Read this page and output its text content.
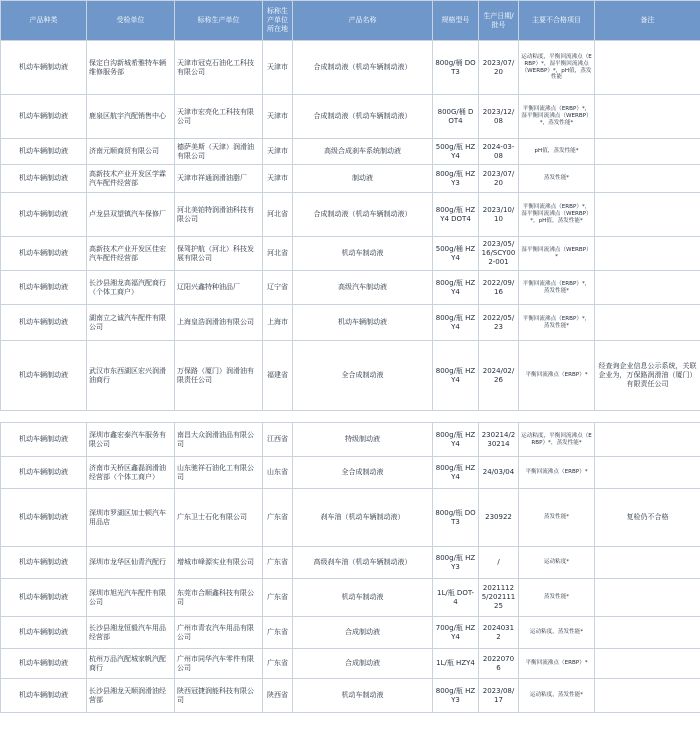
产品种类	受检单位	标称生产单位	标称生产单位所在地	产品名称	规格型号	生产日期/批号	主要不合格项目	备注
机动车辆制动液	保定白沟新城希雅特车辆维修服务部	天津市冠克石油化工科技有限公司	天津市	合成制动液（机动车辆制动液）	800g/桶 DOT3	2023/07/20	运动粘度，平衡回流沸点（ERBP）*，湿平衡回流沸点（WERBP）*，pH值，蒸发性能	
机动车辆制动液	鹿泉区航宇汽配销售中心	天津市宏亮化工科技有限公司	天津市	合成制动液（机动车辆制动液）	800G/桶 DOT4	2023/12/08	平衡回流沸点（ERBP）*，湿平衡回流沸点（WERBP）*，蒸发性能*	
机动车辆制动液	济南元顺商贸有限公司	德萨美斯（天津）润滑油有限公司	天津市	高级合成刹车系统制动液	500g/瓶 HZY4	2024-03-08	pH值，蒸发性能*	
机动车辆制动液	高新技术产业开发区学霖汽车配件经营部	天津市祥通润滑油脂厂	天津市	制动液	800g/瓶 HZY3	2023/07/20	蒸发性能*	
机动车辆制动液	卢龙县双望镇汽车保修厂	河北美铂特润滑油科技有限公司	河北省	合成制动液（机动车辆制动液）	800g/瓶 HZY4 DOT4	2023/10/10	平衡回流沸点（ERBP）*，湿平衡回流沸点（WERBP）*，pH值，蒸发性能*	
机动车辆制动液	高新技术产业开发区佳宏汽车配件经营部	保驾护航（河北）科技发展有限公司	河北省	机动车制动液	500g/桶 HZY4	2023/05/16/SCY002-001	湿平衡回流沸点（WERBP）*	
机动车辆制动液	长沙县湘龙高福汽配商行（个体工商户）	辽阳兴鑫特种油品厂	辽宁省	高级汽车制动液	800g/瓶 HZY4	2022/09/16	平衡回流沸点（ERBP）*，蒸发性能*	
机动车辆制动液	湖南立之诚汽车配件有限公司	上海皇浩润滑油有限公司	上海市	机动车辆制动液	800g/瓶 HZY4	2022/05/23	平衡回流沸点（ERBP）*，蒸发性能*	
机动车辆制动液	武汉市东西湖区宏兴润滑油商行	万保路（厦门）润滑油有限责任公司	福建省	全合成制动液	800g/瓶 HZY4	2024/02/26	平衡回流沸点（ERBP）*	经查询企业信息公示系统，关联企业为，万保路润滑油（厦门）有限责任公司
机动车辆制动液	深圳市鑫宏泰汽车服务有限公司	南昌大众润滑油品有限公司	江西省	特级制动液	800g/瓶 HZY4	230214/230214	运动粘度，平衡回流沸点（ERBP）*，蒸发性能*	
机动车辆制动液	济南市天桥区鑫磊润滑油经营部（个体工商户）	山东驰祥石油化工有限公司	山东省	全合成制动液	800g/瓶 HZY4	24/03/04	平衡回流沸点（ERBP）*	
机动车辆制动液	深圳市罗湖区加士顿汽车用品店	广东卫士石化有限公司	广东省	刹车油（机动车辆制动液）	800g/瓶 DOT3	230922	蒸发性能*	复检仍不合格
机动车辆制动液	深圳市龙华区仙青汽配行	增城市峰源实业有限公司	广东省	高级刹车油（机动车辆制动液）	800g/瓶 HZY3	/	运动粘度*	
机动车辆制动液	深圳市旭光汽车配件有限公司	东莞市合顺鑫科技有限公司	广东省	机动车制动液	1L/瓶 DOT-4	20211125/202111 25	蒸发性能*	
机动车辆制动液	长沙县湘龙恒毅汽车用品经营部	广州市青农汽车用品有限公司	广东省	合成制动液	700g/瓶 HZY4	20240312	运动粘度，蒸发性能*	
机动车辆制动液	杭州万品汽配城家帆汽配商行	广州市同华汽车零件有限公司	广东省	合成制动液	1L/瓶 HZY4	20220706	平衡回流沸点（ERBP）*	
机动车辆制动液	长沙县湘龙天顺润滑油经营部	陕西冠捷润能科技有限公司	陕西省	机动车制动液	800g/瓶 HZY3	2023/08/17	运动粘度，蒸发性能*	
